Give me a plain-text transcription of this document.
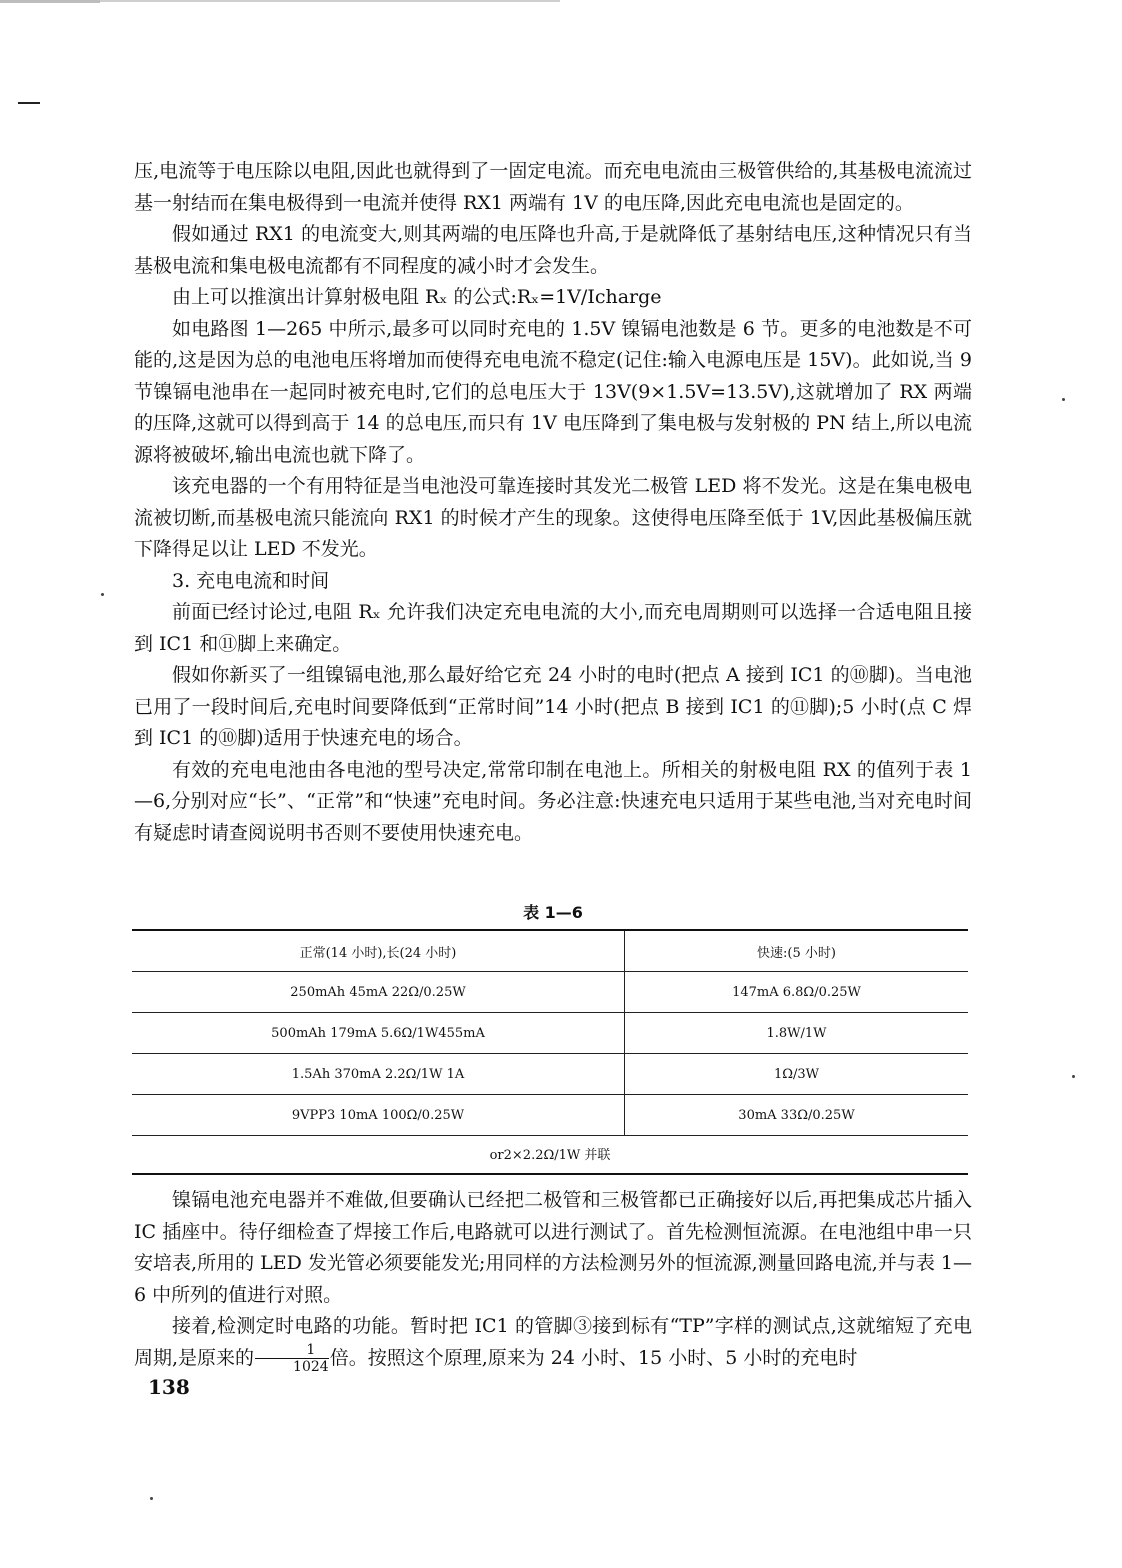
压,电流等于电压除以电阻,因此也就得到了一固定电流。而充电电流由三极管供给的,其基极电流流过基一射结而在集电极得到一电流并使得 RX1 两端有 1V 的电压降,因此充电电流也是固定的。

假如通过 RX1 的电流变大,则其两端的电压降也升高,于是就降低了基射结电压,这种情况只有当基极电流和集电极电流都有不同程度的减小时才会发生。

由上可以推演出计算射极电阻 Rₓ 的公式:Rₓ=1V/Icharge

如电路图 1—265 中所示,最多可以同时充电的 1.5V 镍镉电池数是 6 节。更多的电池数是不可能的,这是因为总的电池电压将增加而使得充电电流不稳定(记住:输入电源电压是 15V)。此如说,当 9 节镍镉电池串在一起同时被充电时,它们的总电压大于 13V(9×1.5V=13.5V),这就增加了 RX 两端的压降,这就可以得到高于 14 的总电压,而只有 1V 电压降到了集电极与发射极的 PN 结上,所以电流源将被破坏,输出电流也就下降了。

该充电器的一个有用特征是当电池没可靠连接时其发光二极管 LED 将不发光。这是在集电极电流被切断,而基极电流只能流向 RX1 的时候才产生的现象。这使得电压降至低于 1V,因此基极偏压就下降得足以让 LED 不发光。

3. 充电电流和时间

前面已经讨论过,电阻 Rₓ 允许我们决定充电电流的大小,而充电周期则可以选择一合适电阻且接到 IC1 和⑪脚上来确定。

假如你新买了一组镍镉电池,那么最好给它充 24 小时的电时(把点 A 接到 IC1 的⑩脚)。当电池已用了一段时间后,充电时间要降低到“正常时间”14 小时(把点 B 接到 IC1 的⑪脚);5 小时(点 C 焊到 IC1 的⑩脚)适用于快速充电的场合。

有效的充电电池由各电池的型号决定,常常印制在电池上。所相关的射极电阻 RX 的值列于表 1—6,分别对应“长”、“正常”和“快速”充电时间。务必注意:快速充电只适用于某些电池,当对充电时间有疑虑时请查阅说明书否则不要使用快速充电。

表 1—6
正常(14 小时),长(24 小时)	快速:(5 小时)
250mAh 45mA 22Ω/0.25W	147mA 6.8Ω/0.25W
500mAh 179mA 5.6Ω/1W455mA	1.8W/1W
1.5Ah 370mA 2.2Ω/1W 1A	1Ω/3W
9VPP3 10mA 100Ω/0.25W	30mA 33Ω/0.25W
or2×2.2Ω/1W 并联

镍镉电池充电器并不难做,但要确认已经把二极管和三极管都已正确接好以后,再把集成芯片插入 IC 插座中。待仔细检查了焊接工作后,电路就可以进行测试了。首先检测恒流源。在电池组中串一只安培表,所用的 LED 发光管必须要能发光;用同样的方法检测另外的恒流源,测量回路电流,并与表 1—6 中所列的值进行对照。

接着,检测定时电路的功能。暂时把 IC1 的管脚③接到标有“TP”字样的测试点,这就缩短了充电周期,是原来的 $\frac{1}{1024}$ 倍。按照这个原理,原来为 24 小时、15 小时、5 小时的充电时

138
